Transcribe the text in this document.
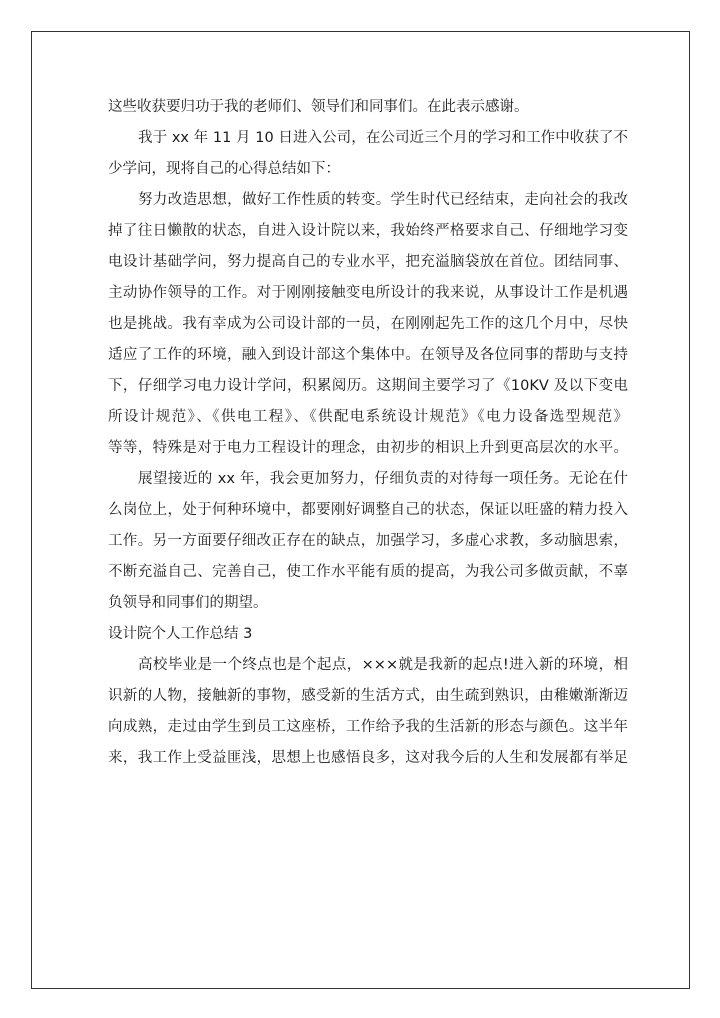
这些收获要归功于我的老师们、领导们和同事们。在此表示感谢。
我于 xx 年 11 月 10 日进入公司，在公司近三个月的学习和工作中收获了不
少学问，现将自己的心得总结如下：
努力改造思想，做好工作性质的转变。学生时代已经结束，走向社会的我改
掉了往日懒散的状态，自进入设计院以来，我始终严格要求自己、仔细地学习变
电设计基础学问，努力提高自己的专业水平，把充溢脑袋放在首位。团结同事、
主动协作领导的工作。对于刚刚接触变电所设计的我来说，从事设计工作是机遇
也是挑战。我有幸成为公司设计部的一员，在刚刚起先工作的这几个月中，尽快
适应了工作的环境，融入到设计部这个集体中。在领导及各位同事的帮助与支持
下，仔细学习电力设计学问，积累阅历。这期间主要学习了《10KV 及以下变电
所设计规范》、《供电工程》、《供配电系统设计规范》《电力设备选型规范》
等等，特殊是对于电力工程设计的理念，由初步的相识上升到更高层次的水平。
展望接近的 xx 年，我会更加努力，仔细负责的对待每一项任务。无论在什
么岗位上，处于何种环境中，都要刚好调整自己的状态，保证以旺盛的精力投入
工作。另一方面要仔细改正存在的缺点，加强学习，多虚心求教，多动脑思索，
不断充溢自己、完善自己，使工作水平能有质的提高，为我公司多做贡献，不辜
负领导和同事们的期望。
设计院个人工作总结 3
高校毕业是一个终点也是个起点，×××就是我新的起点!进入新的环境，相
识新的人物，接触新的事物，感受新的生活方式，由生疏到熟识，由稚嫩渐渐迈
向成熟，走过由学生到员工这座桥，工作给予我的生活新的形态与颜色。这半年
来，我工作上受益匪浅，思想上也感悟良多，这对我今后的人生和发展都有举足
